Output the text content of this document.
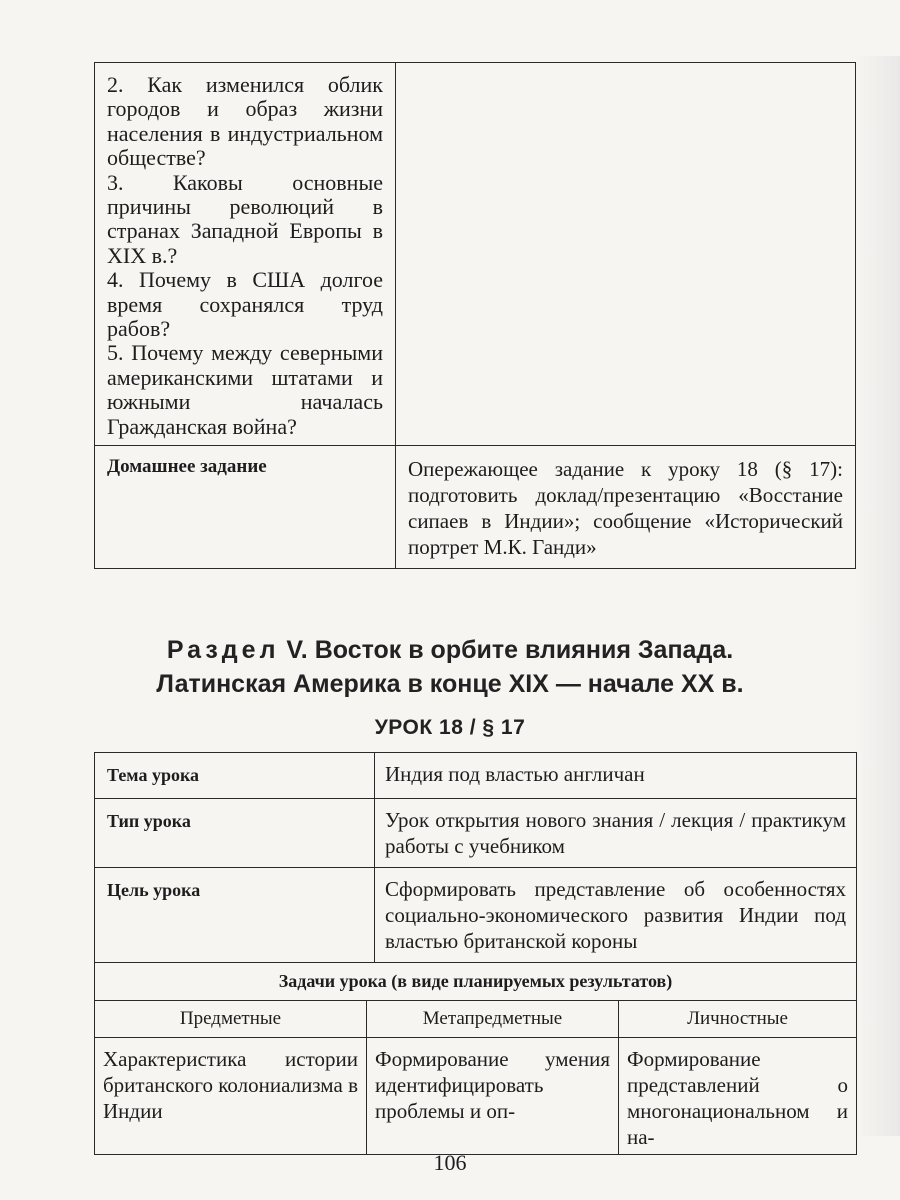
2. Как изменился облик городов и образ жизни населения в индустриальном обществе?
3. Каковы основные причины революций в странах Западной Европы в XIX в.?
4. Почему в США долгое время сохранялся труд рабов?
5. Почему между северными американскими штатами и южными началась Гражданская война?	

Домашнее задание	Опережающее задание к уроку 18 (§ 17): подготовить доклад/презентацию «Восстание сипаев в Индии»; сообщение «Исторический портрет М.К. Ганди»
Раздел V. Восток в орбите влияния Запада.
Латинская Америка в конце XIX — начале XX в.
УРОК 18 / § 17
Тема урока		Индия под властью англичан	
Тип урока		Урок открытия нового знания / лекция / практикум работы с учебником	
Цель урока		Сформировать представление об особенностях социально-экономического развития Индии под властью британской короны	
Задачи урока (в виде планируемых результатов)			
Предметные	Метапредметные		Личностные
Характеристика истории британского колониализма в Индии	Формирование умения идентифицировать проблемы и оп-		Формирование представлений о многонациональном и на-
106
